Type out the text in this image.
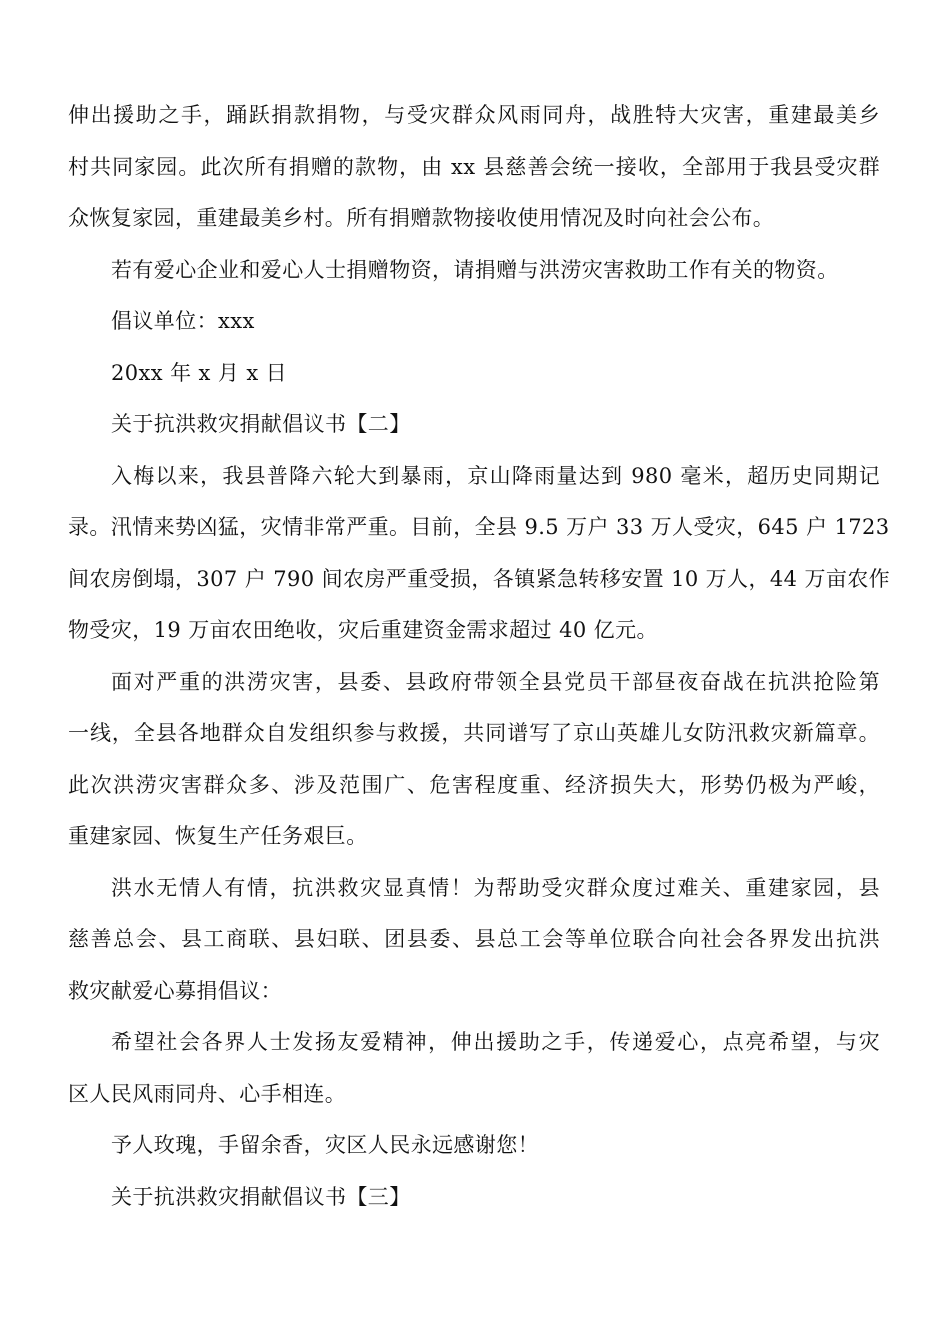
伸出援助之手，踊跃捐款捐物，与受灾群众风雨同舟，战胜特大灾害，重建最美乡
村共同家园。此次所有捐赠的款物，由 xx 县慈善会统一接收，全部用于我县受灾群
众恢复家园，重建最美乡村。所有捐赠款物接收使用情况及时向社会公布。
若有爱心企业和爱心人士捐赠物资，请捐赠与洪涝灾害救助工作有关的物资。
倡议单位：xxx
20xx 年 x 月 x 日
关于抗洪救灾捐献倡议书【二】
入梅以来，我县普降六轮大到暴雨，京山降雨量达到 980 毫米，超历史同期记
录。汛情来势凶猛，灾情非常严重。目前，全县 9.5 万户 33 万人受灾，645 户 1723
间农房倒塌，307 户 790 间农房严重受损，各镇紧急转移安置 10 万人，44 万亩农作
物受灾，19 万亩农田绝收，灾后重建资金需求超过 40 亿元。
面对严重的洪涝灾害，县委、县政府带领全县党员干部昼夜奋战在抗洪抢险第
一线，全县各地群众自发组织参与救援，共同谱写了京山英雄儿女防汛救灾新篇章。
此次洪涝灾害群众多、涉及范围广、危害程度重、经济损失大，形势仍极为严峻，
重建家园、恢复生产任务艰巨。
洪水无情人有情，抗洪救灾显真情！为帮助受灾群众度过难关、重建家园，县
慈善总会、县工商联、县妇联、团县委、县总工会等单位联合向社会各界发出抗洪
救灾献爱心募捐倡议：
希望社会各界人士发扬友爱精神，伸出援助之手，传递爱心，点亮希望，与灾
区人民风雨同舟、心手相连。
予人玫瑰，手留余香，灾区人民永远感谢您！
关于抗洪救灾捐献倡议书【三】
